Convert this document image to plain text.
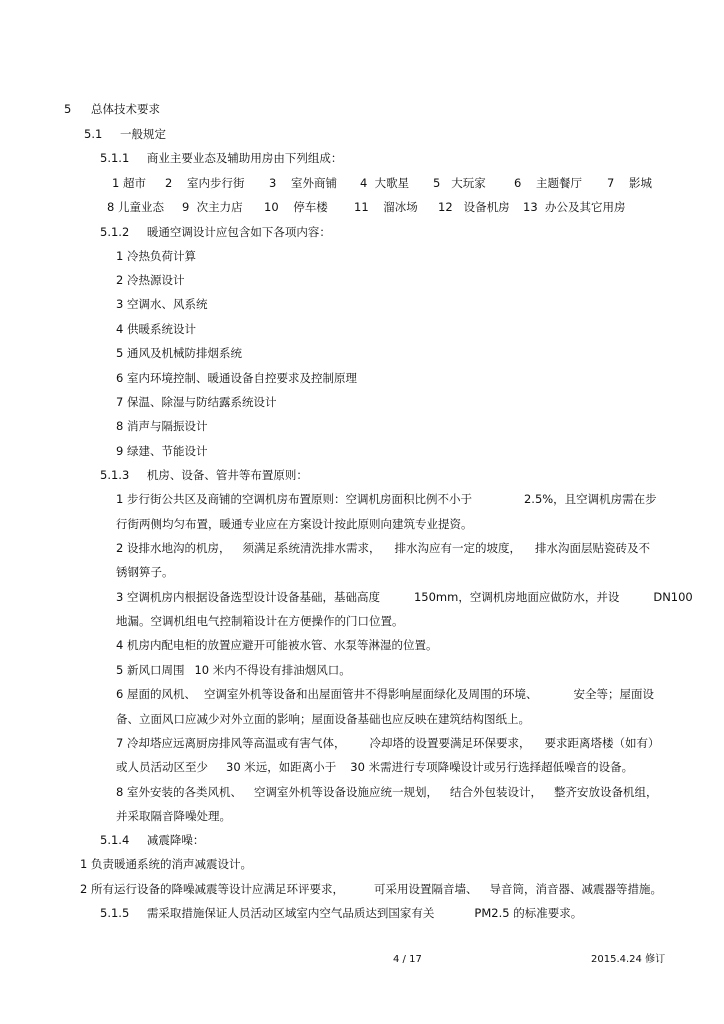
5 总体技术要求
5.1 一般规定
5.1.1 商业主要业态及辅助用房由下列组成：
1 超市 2 室内步行街 3 室外商铺 4 大歌星 5 大玩家 6 主题餐厅 7 影城
8 儿童业态 9 次主力店 10 停车楼 11 溜冰场 12 设备机房 13 办公及其它用房
5.1.2 暖通空调设计应包含如下各项内容：
1 冷热负荷计算
2 冷热源设计
3 空调水、风系统
4 供暖系统设计
5 通风及机械防排烟系统
6 室内环境控制、暖通设备自控要求及控制原理
7 保温、除湿与防结露系统设计
8 消声与隔振设计
9 绿建、节能设计
5.1.3 机房、设备、管井等布置原则：
1 步行街公共区及商铺的空调机房布置原则：空调机房面积比例不小于	2.5%，且空调机房需在步
行街两侧均匀布置，暖通专业应在方案设计按此原则向建筑专业提资。
2 设排水地沟的机房， 须满足系统清洗排水需求， 排水沟应有一定的坡度， 排水沟面层贴瓷砖及不
锈钢箅子。
3 空调机房内根据设备选型设计设备基础，基础高度	150mm，空调机房地面应做防水，并设	DN100
地漏。空调机组电气控制箱设计在方便操作的门口位置。
4 机房内配电柜的放置应避开可能被水管、水泵等淋湿的位置。
5 新风口周围 10 米内不得设有排油烟风口。
6 屋面的风机、 空调室外机等设备和出屋面管井不得影响屋面绿化及周围的环境、	安全等；屋面设
备、立面风口应减少对外立面的影响；屋面设备基础也应反映在建筑结构图纸上。
7 冷却塔应远离厨房排风等高温或有害气体， 冷却塔的设置要满足环保要求， 要求距离塔楼（如有）
或人员活动区至少 30 米远，如距离小于 30 米需进行专项降噪设计或另行选择超低噪音的设备。
8 室外安装的各类风机、 空调室外机等设备设施应统一规划， 结合外包装设计， 整齐安放设备机组，
并采取隔音降噪处理。
5.1.4 减震降噪：
1 负责暖通系统的消声减震设计。
2 所有运行设备的降噪减震等设计应满足环评要求，	可采用设置隔音墙、 导音筒，消音器、减震器等措施。
5.1.5 需采取措施保证人员活动区域室内空气品质达到国家有关	PM2.5 的标准要求。
4 / 17	2015.4.24 修订
